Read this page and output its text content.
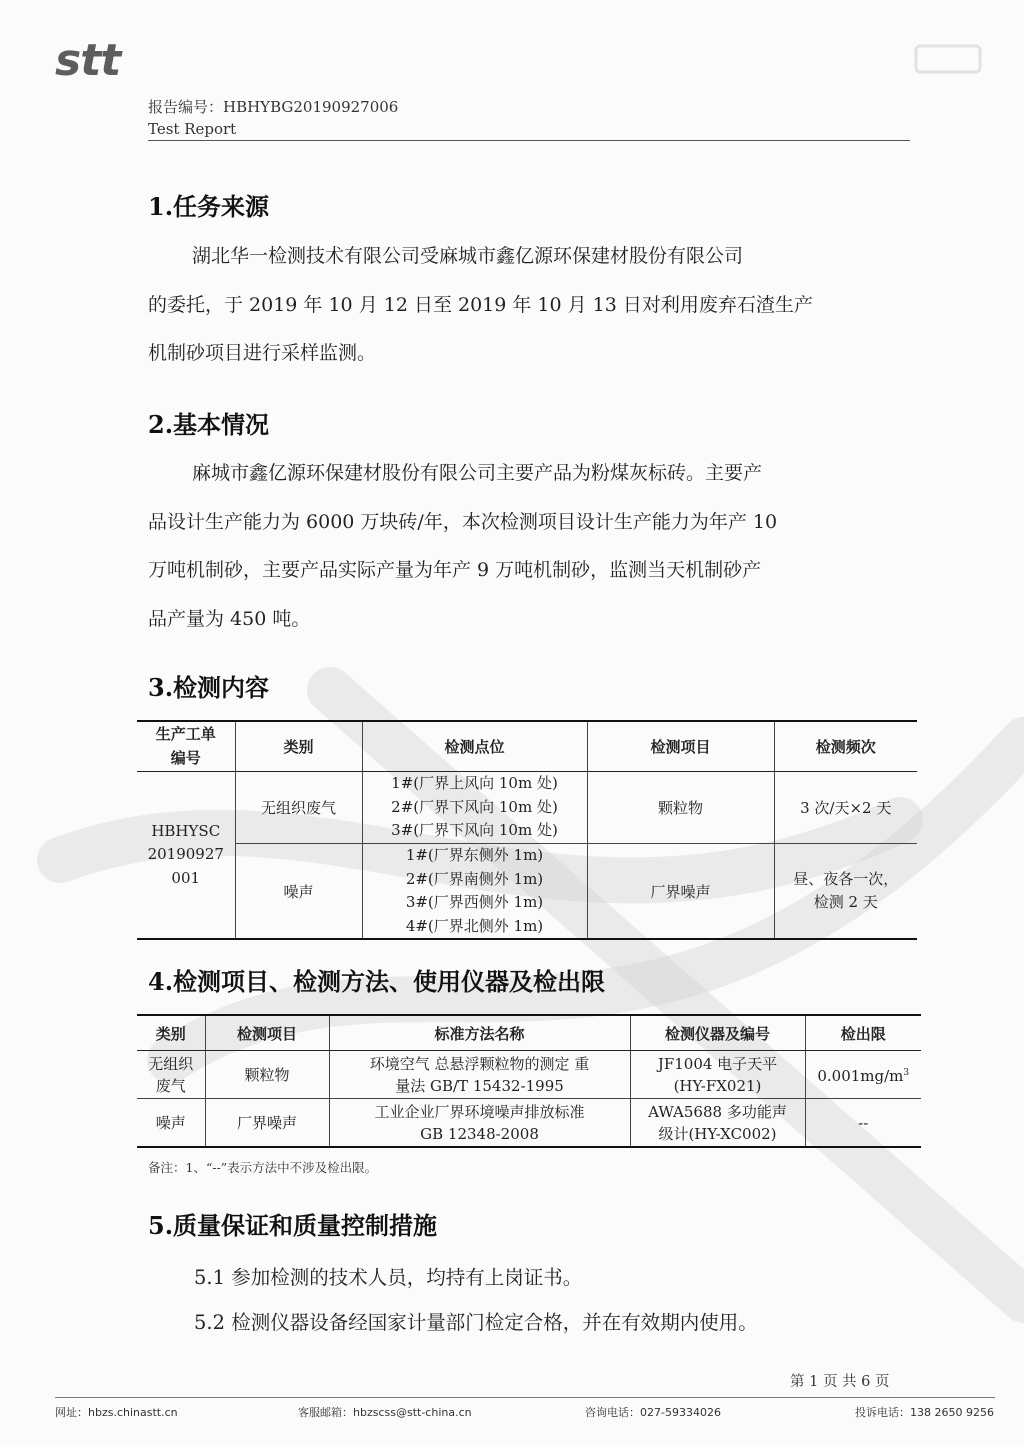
stt
报告编号：HBHYBG20190927006
Test Report
1.任务来源
湖北华一检测技术有限公司受麻城市鑫亿源环保建材股份有限公司
的委托，于 2019 年 10 月 12 日至 2019 年 10 月 13 日对利用废弃石渣生产
机制砂项目进行采样监测。
2.基本情况
麻城市鑫亿源环保建材股份有限公司主要产品为粉煤灰标砖。主要产
品设计生产能力为 6000 万块砖/年，本次检测项目设计生产能力为年产 10
万吨机制砂，主要产品实际产量为年产 9 万吨机制砂，监测当天机制砂产
品产量为 450 吨。
3.检测内容
生产工单
编号	类别	检测点位	检测项目	检测频次

HBHYSC
20190927
001	无组织废气	1#(厂界上风向 10m 处)
2#(厂界下风向 10m 处)
3#(厂界下风向 10m 处)	颗粒物	3 次/天×2 天
	噪声	1#(厂界东侧外 1m)
2#(厂界南侧外 1m)
3#(厂界西侧外 1m)
4#(厂界北侧外 1m)	厂界噪声	昼、夜各一次，
检测 2 天
4.检测项目、检测方法、使用仪器及检出限
类别	检测项目	标准方法名称	检测仪器及编号	检出限
无组织
废气	颗粒物	环境空气 总悬浮颗粒物的测定 重
量法 GB/T 15432-1995	JF1004 电子天平
(HY-FX021)	$0.001mg/m^3$
噪声	厂界噪声	工业企业厂界环境噪声排放标准
GB 12348-2008	AWA5688 多功能声
级计(HY-XC002)	--
备注：1、“--”表示方法中不涉及检出限。
5.质量保证和质量控制措施
5.1 参加检测的技术人员，均持有上岗证书。
5.2 检测仪器设备经国家计量部门检定合格，并在有效期内使用。
第 1 页 共 6 页
网址：hbzs.chinastt.cn	客服邮箱：hbzscss@stt-china.cn	咨询电话：027-59334026	投诉电话：138 2650 9256
